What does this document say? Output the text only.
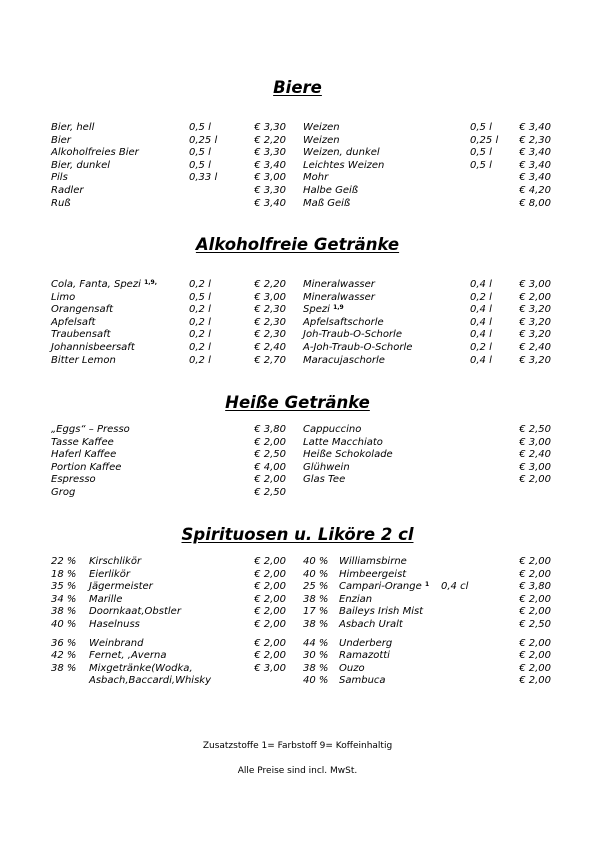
Biere
Bier, hell	0,5 l	€ 3,30
Bier	0,25 l	€ 2,20
Alkoholfreies Bier	0,5 l	€ 3,30
Bier, dunkel	0,5 l	€ 3,40
Pils	0,33 l	€ 3,00
Radler	€ 3,30
Ruß	€ 3,40
Weizen	0,5 l	€ 3,40
Weizen	0,25 l € 2,30
Weizen, dunkel	0,5 l	€ 3,40
Leichtes Weizen	0,5 l	€ 3,40
Mohr	€ 3,40
Halbe Geiß	€ 4,20
Maß Geiß	€ 8,00
Alkoholfreie Getränke
Cola, Fanta, Spezi $^{1,9,}$	0,2 l	€ 2,20
Limo	0,5 l	€ 3,00
Orangensaft	0,2 l	€ 2,30
Apfelsaft	0,2 l	€ 2,30
Traubensaft	0,2 l	€ 2,30
Johannisbeersaft	0,2 l	€ 2,40
Bitter Lemon	0,2 l	€ 2,70
Mineralwasser	0,4 l	€ 3,00
Mineralwasser	0,2 l	€ 2,00
Spezi $^{1,9}$	0,4 l	€ 3,20
Apfelsaftschorle	0,4 l	€ 3,20
Joh-Traub-O-Schorle	0,4 l	€ 3,20
A-Joh-Traub-O-Schorle	0,2 l	€ 2,40
Maracujaschorle	0,4 l	€ 3,20
Heiße Getränke
„Eggs“ – Presso	€ 3,80
Tasse Kaffee	€ 2,00
Haferl Kaffee	€ 2,50
Portion Kaffee	€ 4,00
Espresso	€ 2,00
Grog	€ 2,50
Cappuccino	€ 2,50
Latte Macchiato	€ 3,00
Heiße Schokolade	€ 2,40
Glühwein	€ 3,00
Glas Tee	€ 2,00
Spirituosen u. Liköre 2 cl
22 % Kirschlikör	€ 2,00
18 % Eierlikör	€ 2,00
35 % Jägermeister	€ 2,00
34 % Marille	€ 2,00
38 % Doornkaat,Obstler	€ 2,00
40 % Haselnuss	€ 2,00
36 % Weinbrand	€ 2,00
42 % Fernet, ‚Averna	€ 2,00
38 % Mixgetränke(Wodka,	€ 3,00
Asbach,Baccardi,Whisky
40 % Williamsbirne	€ 2,00
40 % Himbeergeist	€ 2,00
25 % Campari-Orange $^1$ 0,4 cl	€ 3,80
38 % Enzian	€ 2,00
17 % Baileys Irish Mist	€ 2,00
38 % Asbach Uralt	€ 2,50
44 % Underberg	€ 2,00
30 % Ramazotti	€ 2,00
38 % Ouzo	€ 2,00
40 % Sambuca	€ 2,00
Zusatzstoffe 1= Farbstoff 9= Koffeinhaltig
Alle Preise sind incl. MwSt.
